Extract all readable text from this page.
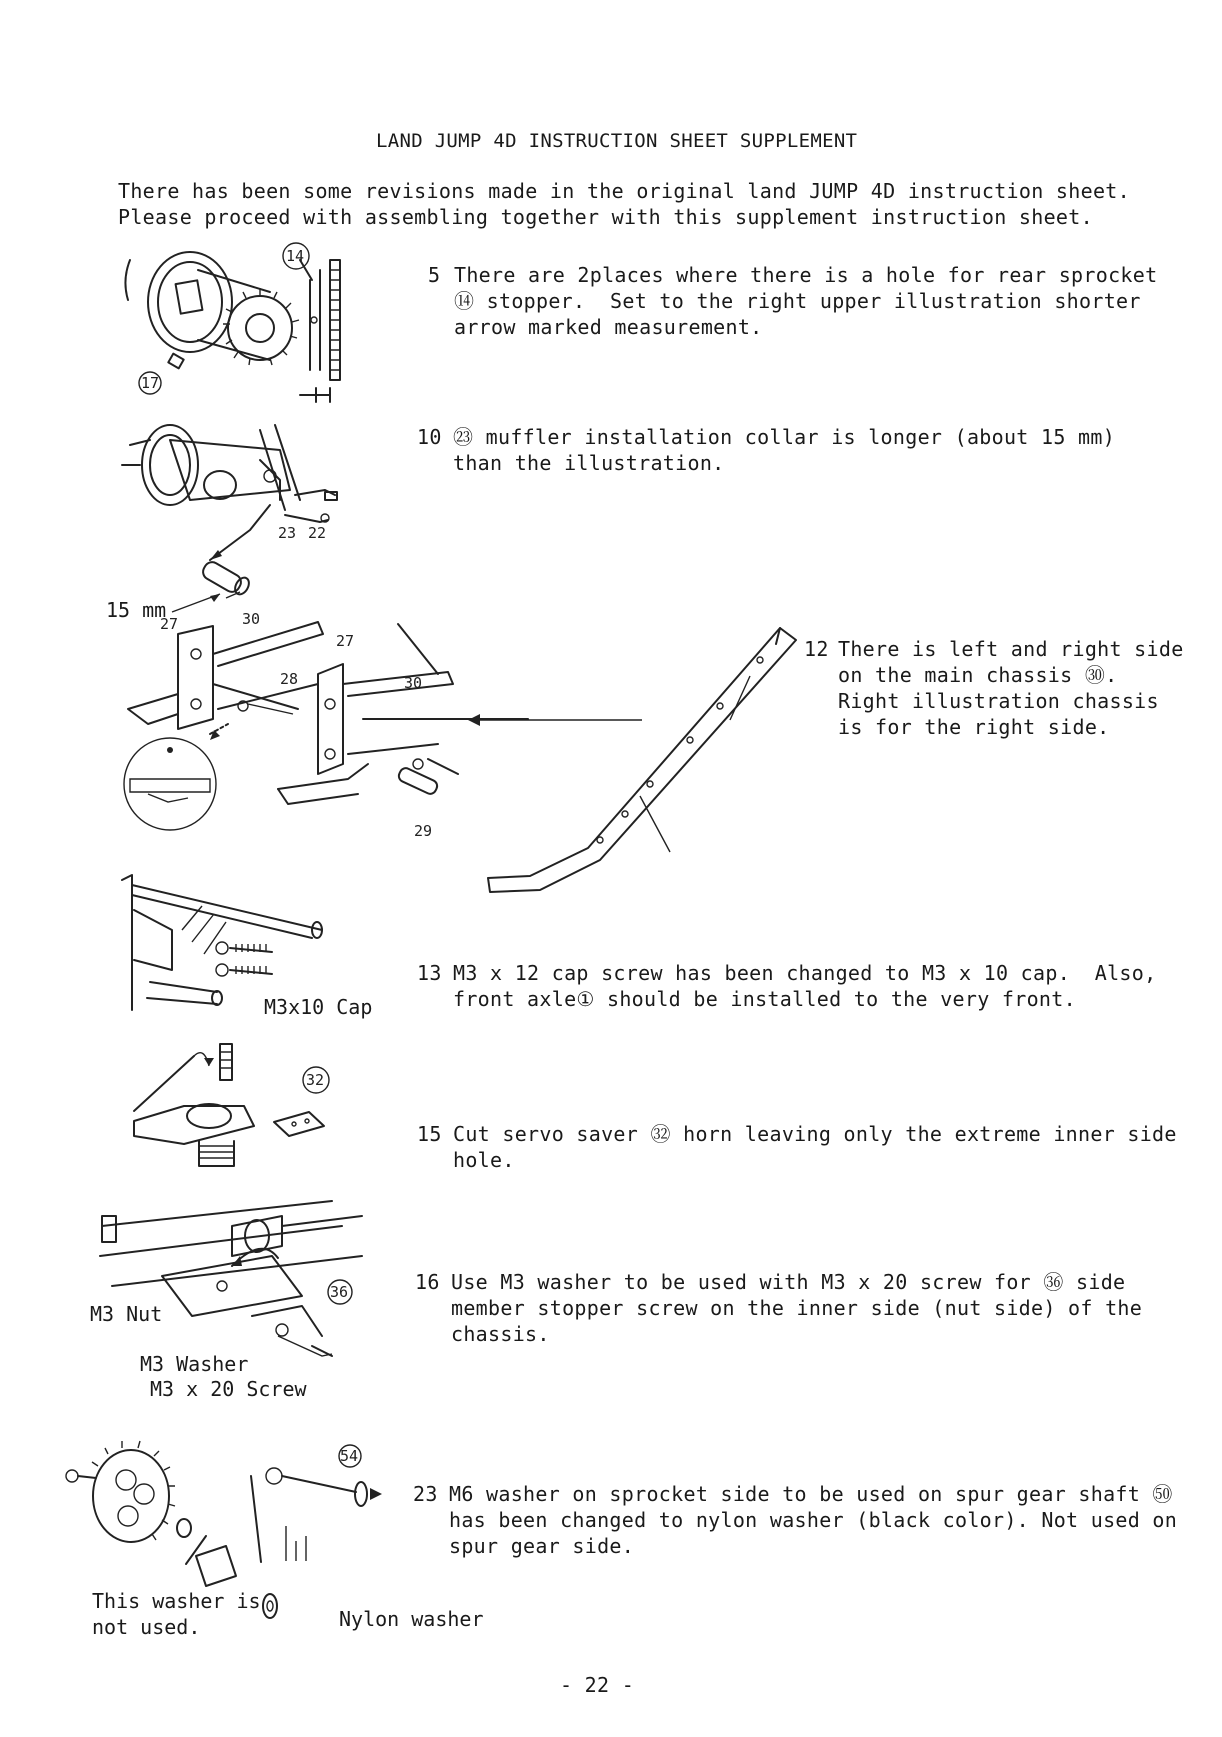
LAND JUMP 4D INSTRUCTION SHEET SUPPLEMENT
There has been some revisions made in the original land JUMP 4D instruction sheet.
Please proceed with assembling together with this supplement instruction sheet.
5 There are 2places where there is a hole for rear sprocket
⑭ stopper.  Set to the right upper illustration shorter
arrow marked measurement.
10 ㉓ muffler installation collar is longer (about 15 mm)
than the illustration.
12 There is left and right side
on the main chassis ㉚.
Right illustration chassis
is for the right side.
13 M3 x 12 cap screw has been changed to M3 x 10 cap.  Also,
front axle① should be installed to the very front.
15 Cut servo saver ㉜ horn leaving only the extreme inner side
hole.
16 Use M3 washer to be used with M3 x 20 screw for ㊱ side
member stopper screw on the inner side (nut side) of the
chassis.
23 M6 washer on sprocket side to be used on spur gear shaft ㊿
has been changed to nylon washer (black color). Not used on
spur gear side.
14
17
23 22
15 mm
27	30
27
28	30
29
M3x10 Cap
32
36
M3 Nut
M3 Washer
M3 x 20 Screw
54
This washer is
not used.	Nylon washer
- 22 -
